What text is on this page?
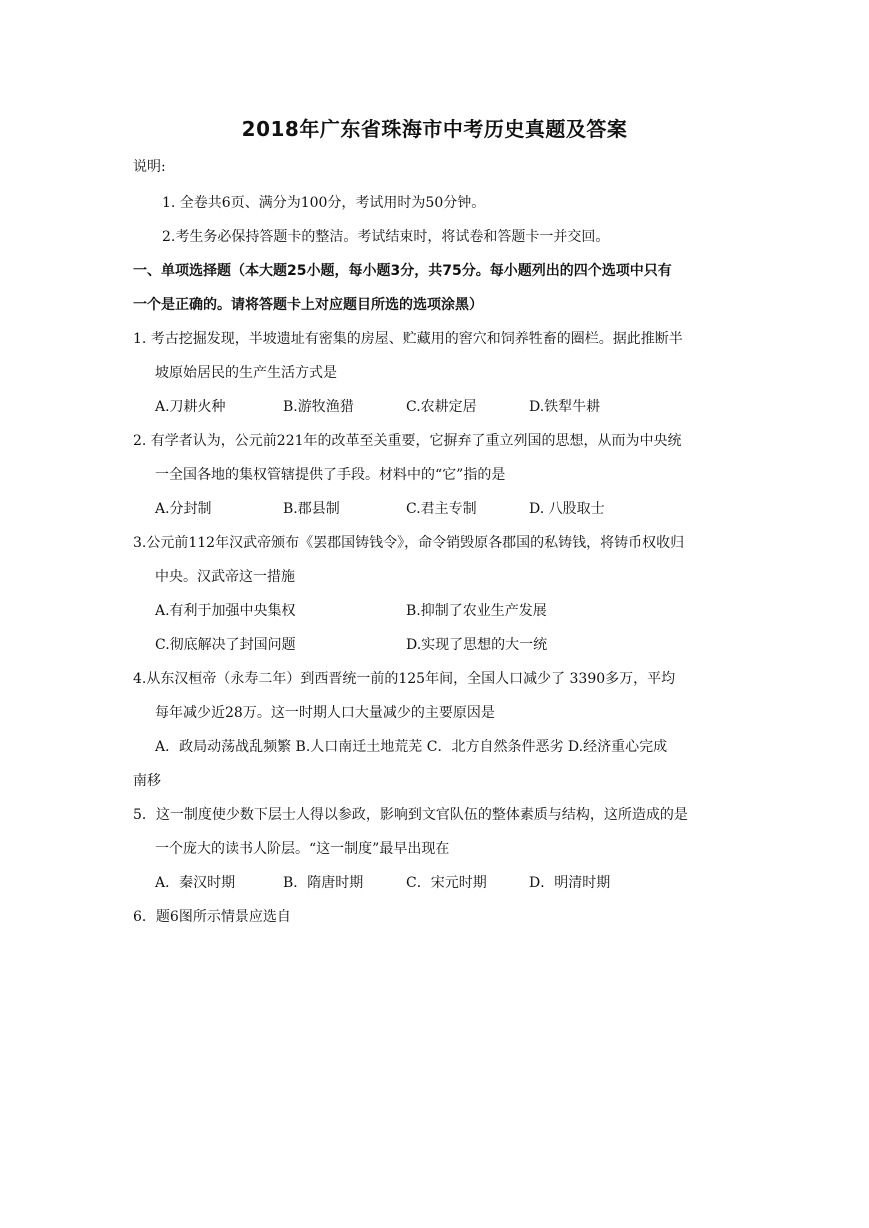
2018年广东省珠海市中考历史真题及答案
说明:
1. 全卷共6页、满分为100分，考试用时为50分钟。
2.考生务必保持答题卡的整洁。考试结束时，将试卷和答题卡一并交回。
一、单项选择题（本大题25小题，每小题3分，共75分。每小题列出的四个选项中只有
一个是正确的。请将答题卡上对应题目所选的选项涂黑）
1. 考古挖掘发现，半坡遗址有密集的房屋、贮藏用的窖穴和饲养牲畜的圈栏。据此推断半
坡原始居民的生产生活方式是
A.刀耕火种	B.游牧渔猎	C.农耕定居	D.铁犁牛耕
2. 有学者认为，公元前221年的改革至关重要，它摒弃了重立列国的思想，从而为中央统
一全国各地的集权管辖提供了手段。材料中的“它”指的是
A.分封制	B.郡县制	C.君主专制	D. 八股取士
3.公元前112年汉武帝颁布《罢郡国铸钱令》，命令销毁原各郡国的私铸钱，将铸币权收归
中央。汉武帝这一措施
A.有利于加强中央集权	B.抑制了农业生产发展
C.彻底解决了封国问题	D.实现了思想的大一统
4.从东汉桓帝（永寿二年）到西晋统一前的125年间，全国人口减少了 3390多万，平均
每年减少近28万。这一时期人口大量减少的主要原因是
A．政局动荡战乱频繁 B.人口南迁土地荒芜 C．北方自然条件恶劣 D.经济重心完成
南移
5．这一制度使少数下层士人得以参政，影响到文官队伍的整体素质与结构，这所造成的是
一个庞大的读书人阶层。“这一制度”最早出现在
A．秦汉时期	B．隋唐时期	C．宋元时期	D．明清时期
6．题6图所示情景应选自
